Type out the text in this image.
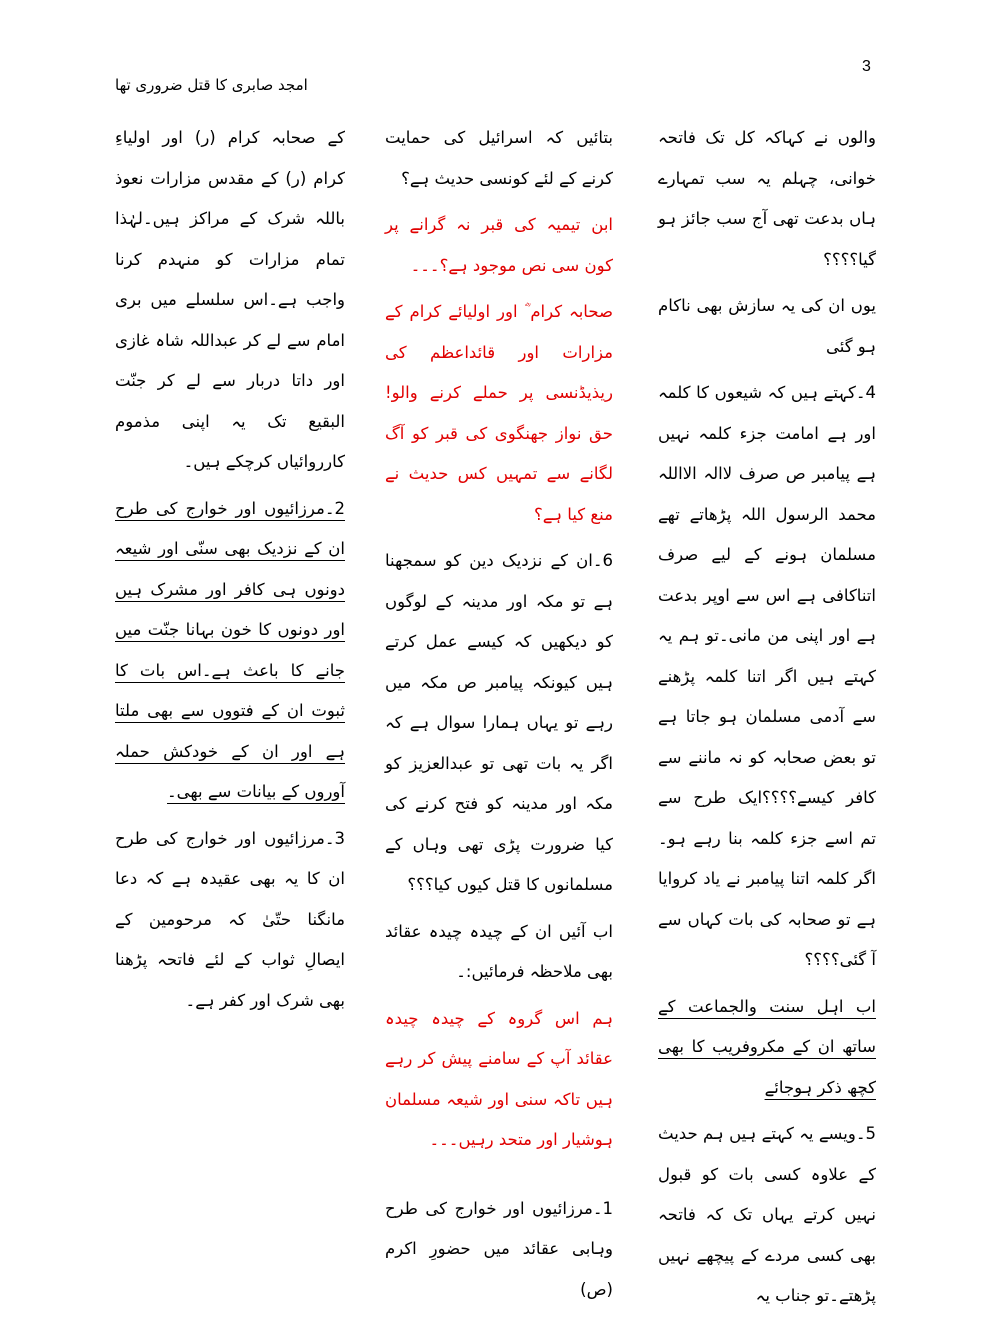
3
امجد صابری کا قتل ضروری تھا

والوں نے کہاکہ کل تک فاتحہ خوانی، چہلم یہ سب تمہارے ہاں بدعت تھی آج سب جائز ہو گیا؟؟؟؟

یوں ان کی یہ سازش بھی ناکام ہو گئی

4۔کہتے ہیں کہ شیعوں کا کلمہ اور ہے امامت جزء کلمہ نہیں ہے پیامبر ص صرف لاالہ الااللہ محمد الرسول اللہ پڑھاتے تھے مسلمان ہونے کے لیے صرف اتناکافی ہے اس سے اوپر بدعت ہے اور اپنی من مانی۔تو ہم یہ کہتے ہیں اگر اتنا کلمہ پڑھنے سے آدمی مسلمان ہو جاتا ہے تو بعض صحابہ کو نہ ماننے سے کافر کیسے؟؟؟؟ایک طرح سے تم اسے جزء کلمہ بنا رہے ہو۔اگر کلمہ اتنا پیامبر نے یاد کروایا ہے تو صحابہ کی بات کہاں سے آ گئی؟؟؟؟

اب اہل سنت والجماعت کے ساتھ ان کے مکروفریب کا بھی کچھ ذکر ہوجائے

5۔ویسے یہ کہتے ہیں ہم حدیث کے علاوہ کسی بات کو قبول نہیں کرتے یہاں تک کہ فاتحہ بھی کسی مردے کے پیچھے نہیں پڑھتے۔تو جناب یہ

بتائیں کہ اسرائیل کی حمایت کرنے کے لئے کونسی حدیث ہے؟

ابن تیمیہ کی قبر نہ گرانے پر کون سی نص موجود ہے؟۔۔۔

صحابہ کرام ؓ اور اولیائے کرام کے مزارات اور قائداعظم کی ریذیڈنسی پر حملے کرنے والو! حق نواز جھنگوی کی قبر کو آگ لگانے سے تمہیں کس حدیث نے منع کیا ہے؟

6۔ان کے نزدیک دین کو سمجھنا ہے تو مکہ اور مدینہ کے لوگوں کو دیکھیں کہ کیسے عمل کرتے ہیں کیونکہ پیامبر ص مکہ میں رہے تو یہاں ہمارا سوال ہے کہ اگر یہ بات تھی تو عبدالعزیز کو مکہ اور مدینہ کو فتح کرنے کی کیا ضرورت پڑی تھی وہاں کے مسلمانوں کا قتل کیوں کیا؟؟؟

اب آئیں ان کے چیدہ چیدہ عقائد بھی ملاحظہ فرمائیں:۔

ہم اس گروہ کے چیدہ چیدہ عقائد آپ کے سامنے پیش کر رہے ہیں تاکہ سنی اور شیعہ مسلمان ہوشیار اور متحد رہیں۔۔۔

1۔مرزائیوں اور خوارج کی طرح وہابی عقائد میں حضورِ اکرم (ص)

کے صحابہ کرام (ر) اور اولیاءِ کرام (ر) کے مقدس مزارات نعوذ باللہ شرک کے مراکز ہیں۔لہٰذا تمام مزارات کو منہدم کرنا واجب ہے۔اس سلسلے میں بری امام سے لے کر عبداللہ شاہ غازی اور داتا دربار سے لے کر جنّت البقیع تک یہ اپنی مذموم کارروائیاں کرچکے ہیں۔

2۔مرزائیوں اور خوارج کی طرح ان کے نزدیک بھی سنّی اور شیعہ دونوں ہی کافر اور مشرک ہیں اور دونوں کا خون بہانا جنّت میں جانے کا باعث ہے۔اس بات کا ثبوت ان کے فتووں سے بھی ملتا ہے اور ان کے خودکش حملہ آوروں کے بیانات سے بھی۔

3۔مرزائیوں اور خوارج کی طرح ان کا یہ بھی عقیدہ ہے کہ دعا مانگنا حتّیٰ کہ مرحومین کے ایصالِ ثواب کے لئے فاتحہ پڑھنا بھی شرک اور کفر ہے۔
